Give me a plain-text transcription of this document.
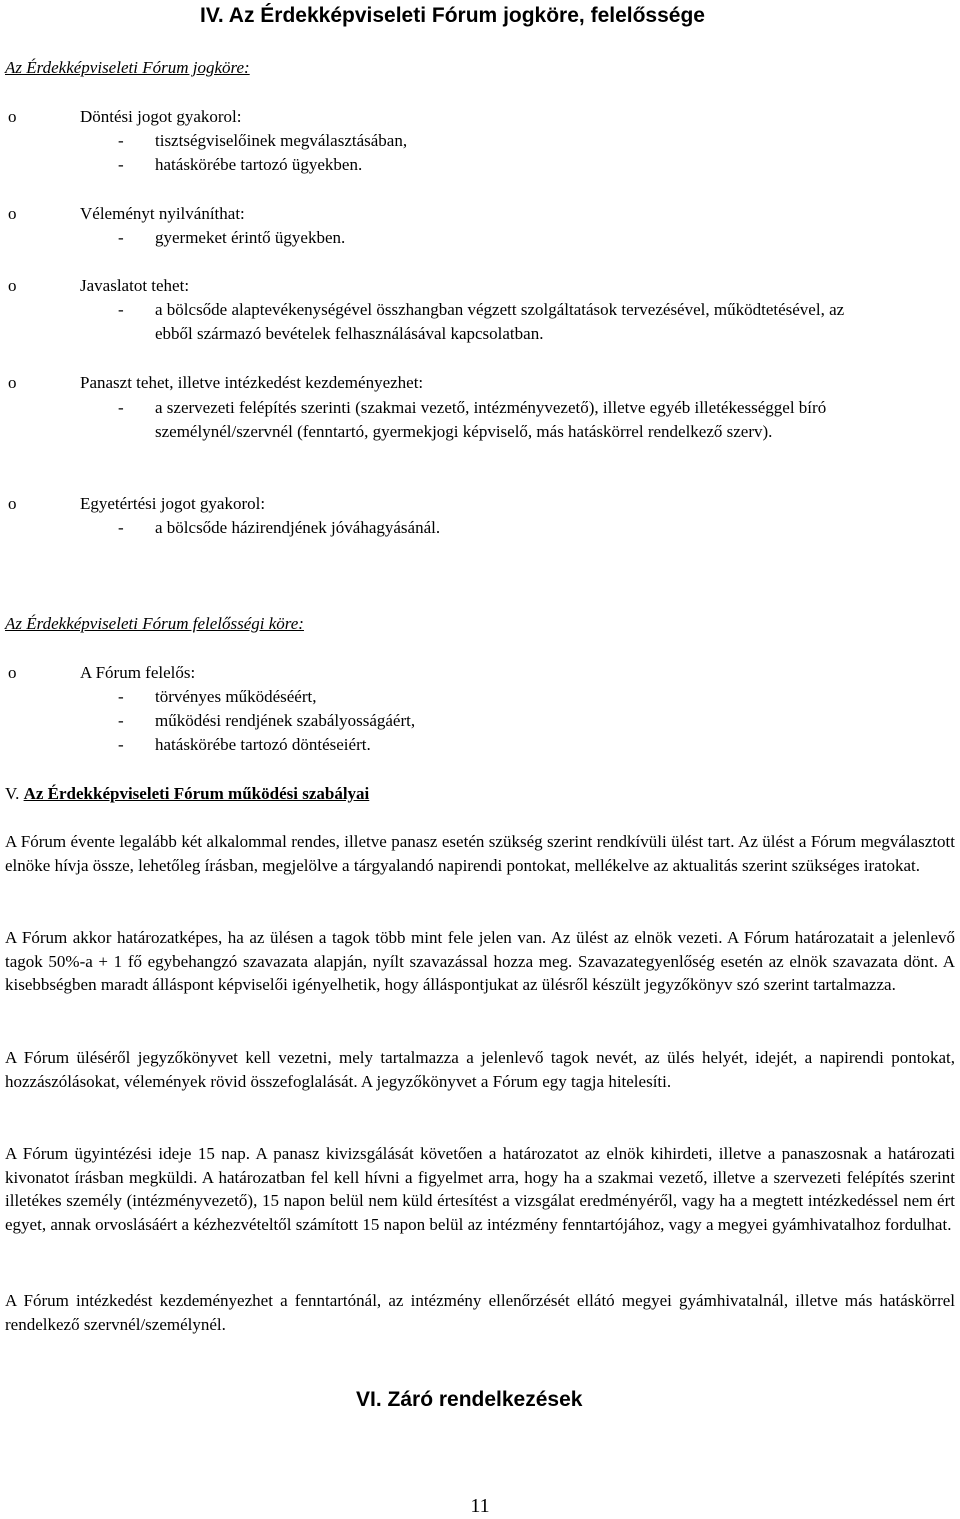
IV. Az Érdekképviseleti Fórum jogköre, felelőssége
Az Érdekképviseleti Fórum jogköre:
o	Döntési jogot gyakorol:
- tisztségviselőinek megválasztásában,
- hatáskörébe tartozó ügyekben.
o	Véleményt nyilváníthat:
- gyermeket érintő ügyekben.
o	Javaslatot tehet:
- a bölcsőde alaptevékenységével összhangban végzett szolgáltatások tervezésével, működtetésével, az ebből származó bevételek felhasználásával kapcsolatban.
o	Panaszt tehet, illetve intézkedést kezdeményezhet:
- a szervezeti felépítés szerinti (szakmai vezető, intézményvezető), illetve egyéb illetékességgel bíró személynél/szervnél (fenntartó, gyermekjogi képviselő, más hatáskörrel rendelkező szerv).
o	Egyetértési jogot gyakorol:
- a bölcsőde házirendjének jóváhagyásánál.
Az Érdekképviseleti Fórum felelősségi köre:
o	A Fórum felelős:
- törvényes működéséért,
- működési rendjének szabályosságáért,
- hatáskörébe tartozó döntéseiért.
V. Az Érdekképviseleti Fórum működési szabályai
A Fórum évente legalább két alkalommal rendes, illetve panasz esetén szükség szerint rendkívüli ülést tart. Az ülést a Fórum megválasztott elnöke hívja össze, lehetőleg írásban, megjelölve a tárgyalandó napirendi pontokat, mellékelve az aktualitás szerint szükséges iratokat.
A Fórum akkor határozatképes, ha az ülésen a tagok több mint fele jelen van. Az ülést az elnök vezeti. A Fórum határozatait a jelenlevő tagok 50%-a + 1 fő egybehangzó szavazata alapján, nyílt szavazással hozza meg. Szavazategyenlőség esetén az elnök szavazata dönt. A kisebbségben maradt álláspont képviselői igényelhetik, hogy álláspontjukat az ülésről készült jegyzőkönyv szó szerint tartalmazza.
A Fórum üléséről jegyzőkönyvet kell vezetni, mely tartalmazza a jelenlevő tagok nevét, az ülés helyét, idejét, a napirendi pontokat, hozzászólásokat, vélemények rövid összefoglalását. A jegyzőkönyvet a Fórum egy tagja hitelesíti.
A Fórum ügyintézési ideje 15 nap. A panasz kivizsgálását követően a határozatot az elnök kihirdeti, illetve a panaszosnak a határozati kivonatot írásban megküldi. A határozatban fel kell hívni a figyelmet arra, hogy ha a szakmai vezető, illetve a szervezeti felépítés szerint illetékes személy (intézményvezető), 15 napon belül nem küld értesítést a vizsgálat eredményéről, vagy ha a megtett intézkedéssel nem ért egyet, annak orvoslásáért a kézhezvételtől számított 15 napon belül az intézmény fenntartójához, vagy a megyei gyámhivatalhoz fordulhat.
A Fórum intézkedést kezdeményezhet a fenntartónál, az intézmény ellenőrzését ellátó megyei gyámhivatalnál, illetve más hatáskörrel rendelkező szervnél/személynél.
VI. Záró rendelkezések
11
